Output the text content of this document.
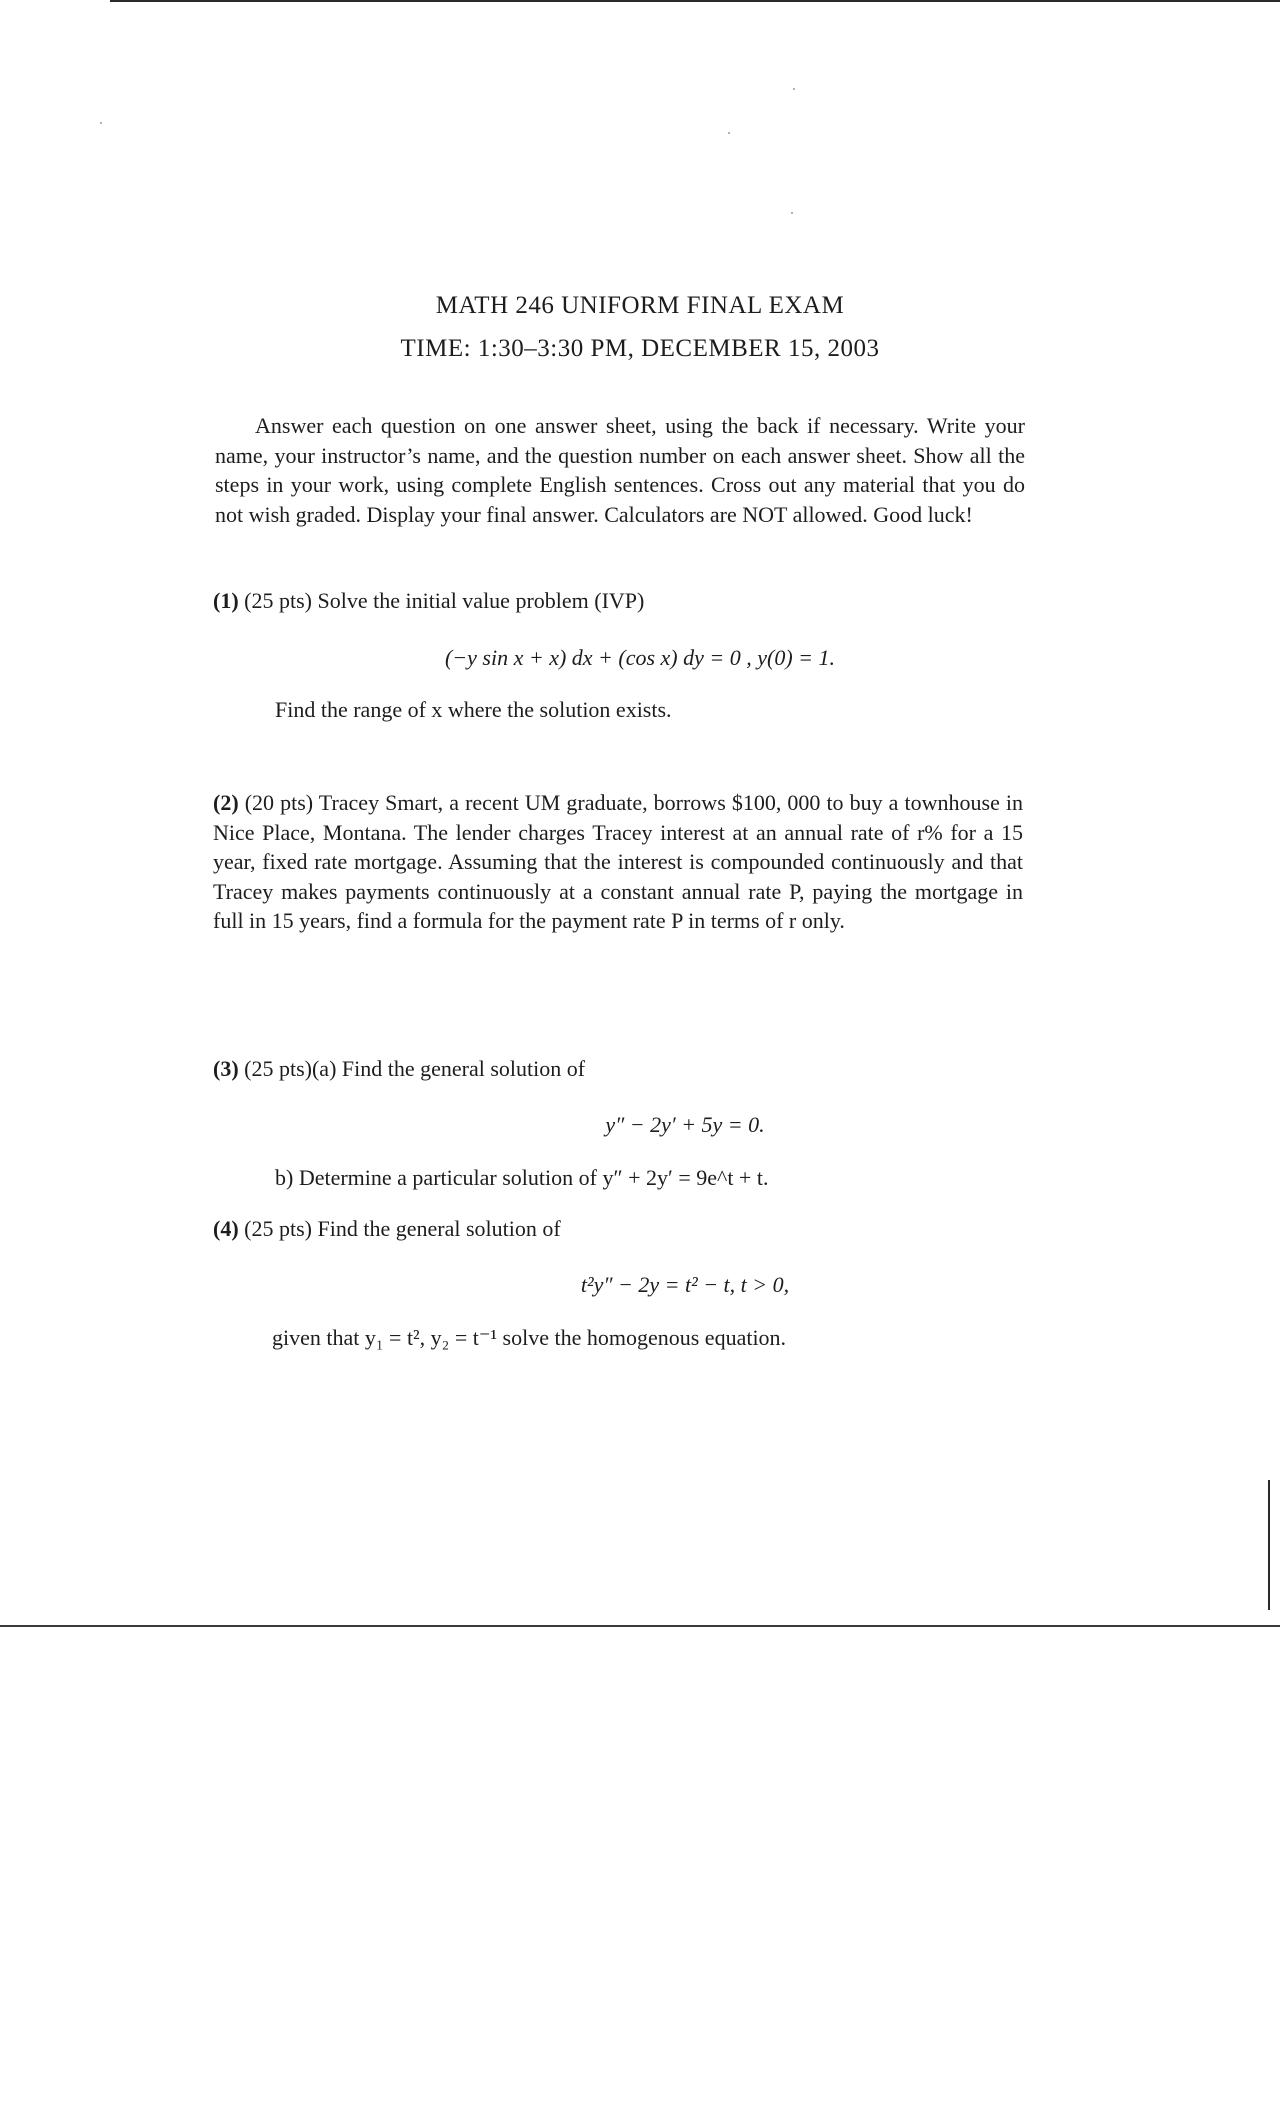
MATH 246 UNIFORM FINAL EXAM
TIME: 1:30–3:30 PM, DECEMBER 15, 2003
Answer each question on one answer sheet, using the back if necessary. Write your name, your instructor’s name, and the question number on each answer sheet. Show all the steps in your work, using complete English sentences. Cross out any material that you do not wish graded. Display your final answer. Calculators are NOT allowed. Good luck!
(1) (25 pts) Solve the initial value problem (IVP)
(−y sin x + x) dx + (cos x) dy = 0 , y(0) = 1.
Find the range of x where the solution exists.
(2) (20 pts) Tracey Smart, a recent UM graduate, borrows $100, 000 to buy a townhouse in Nice Place, Montana. The lender charges Tracey interest at an annual rate of r% for a 15 year, fixed rate mortgage. Assuming that the interest is compounded continuously and that Tracey makes payments continuously at a constant annual rate P, paying the mortgage in full in 15 years, find a formula for the payment rate P in terms of r only.
(3) (25 pts)(a) Find the general solution of
y″ − 2y′ + 5y = 0.
b) Determine a particular solution of y″ + 2y′ = 9e^t + t.
(4) (25 pts) Find the general solution of
t²y″ − 2y = t² − t, t > 0,
given that y₁ = t², y₂ = t⁻¹ solve the homogenous equation.
